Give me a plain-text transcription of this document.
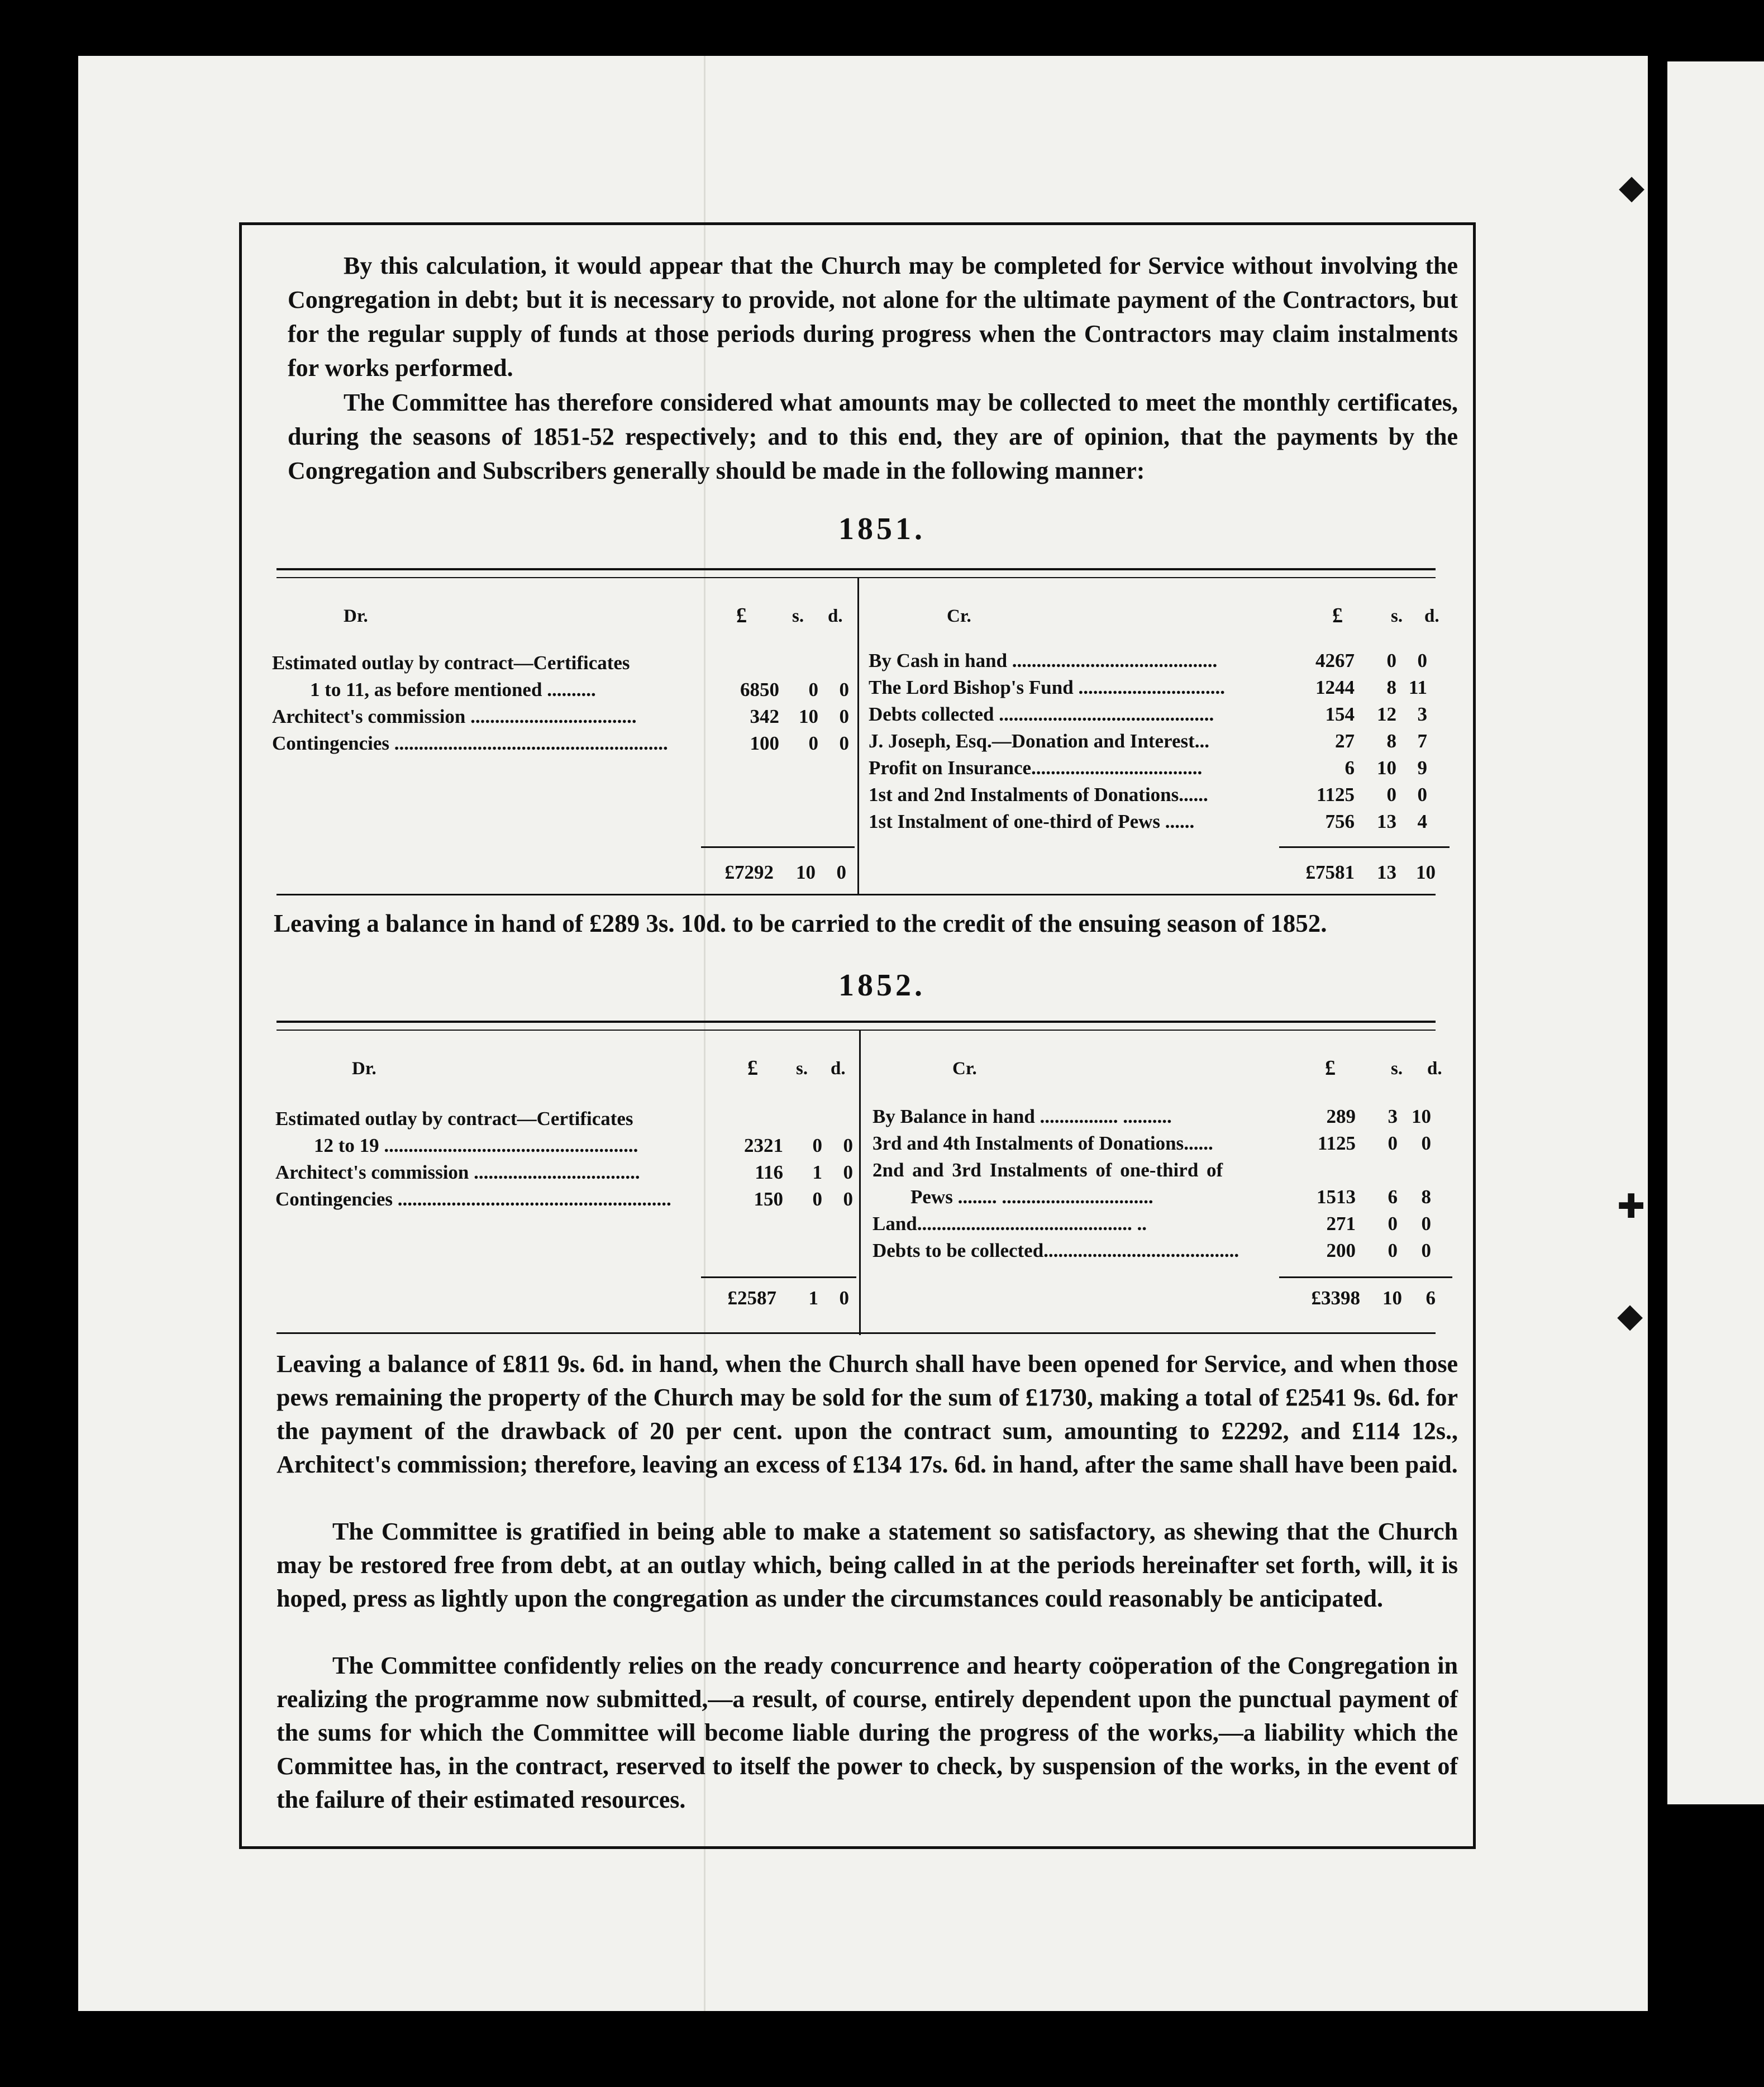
◆
✚
◆

By this calculation, it would appear that the Church may be completed for Service without involving the Congregation in debt; but it is necessary to provide, not alone for the ultimate payment of the Contractors, but for the regular supply of funds at those periods during progress when the Contractors may claim instalments for works performed.

The Committee has therefore considered what amounts may be collected to meet the monthly certificates, during the seasons of 1851-52 respectively; and to this end, they are of opinion, that the payments by the Congregation and Subscribers generally should be made in the following manner:

1851.
Dr.	£ s. d.	Cr.	£	s. d.
Estimated outlay by contract—Certificates
1 to 11, as before mentioned ..........	6850	0	0
Architect's commission ..................................	342	10	0
Contingencies ........................................................	100	0	0
By Cash in hand ..........................................	4267	0	0
The Lord Bishop's Fund ..............................	1244	8 11
Debts collected ............................................	154	12	3
J. Joseph, Esq.—Donation and Interest...	27	8	7
Profit on Insurance...................................	6	10	9
1st and 2nd Instalments of Donations......	1125	0	0
1st Instalment of one-third of Pews ......	756	13	4
£7292	10	0	£7581	13	10

Leaving a balance in hand of £289 3s. 10d. to be carried to the credit of the ensuing season of 1852.

1852.
Dr.	£ s. d.	Cr.	£	s. d.
Estimated outlay by contract—Certificates
12 to 19 ....................................................	2321	0	0
Architect's commission ..................................	116	1	0
Contingencies ........................................................	150	0	0
By Balance in hand ................ ..........	289	3 10
3rd and 4th Instalments of Donations......	1125	0	0
2nd and 3rd Instalments of one-third of
Pews ........ ...............................	1513	6	8
Land............................................ ..	271	0	0
Debts to be collected........................................	200	0	0
£2587	1	0	£3398	10	6

Leaving a balance of £811 9s. 6d. in hand, when the Church shall have been opened for Service, and when those pews remaining the property of the Church may be sold for the sum of £1730, making a total of £2541 9s. 6d. for the payment of the drawback of 20 per cent. upon the contract sum, amounting to £2292, and £114 12s., Architect's commission; therefore, leaving an excess of £134 17s. 6d. in hand, after the same shall have been paid.

The Committee is gratified in being able to make a statement so satisfactory, as shewing that the Church may be restored free from debt, at an outlay which, being called in at the periods hereinafter set forth, will, it is hoped, press as lightly upon the congregation as under the circumstances could reasonably be anticipated.

The Committee confidently relies on the ready concurrence and hearty coöperation of the Congregation in realizing the programme now submitted,—a result, of course, entirely dependent upon the punctual payment of the sums for which the Committee will become liable during the progress of the works,—a liability which the Committee has, in the contract, reserved to itself the power to check, by suspension of the works, in the event of the failure of their estimated resources.
